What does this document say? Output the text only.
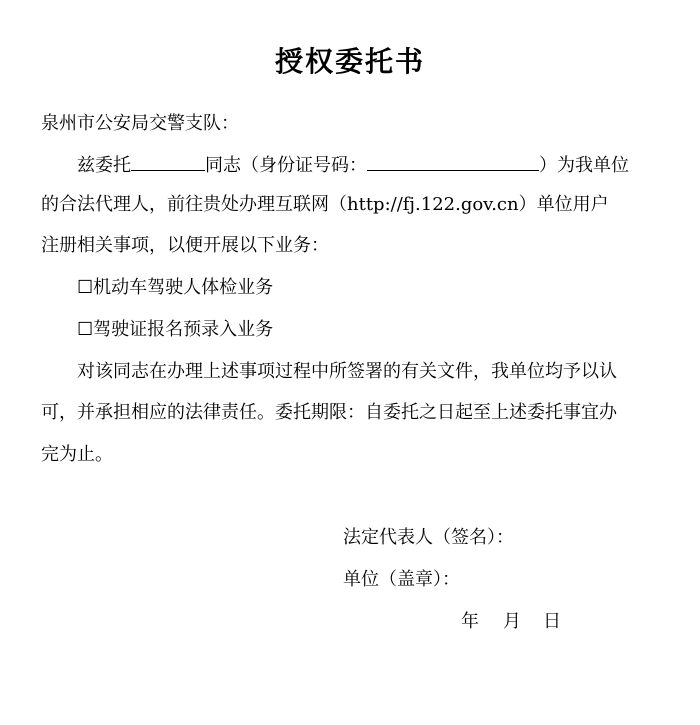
授权委托书
泉州市公安局交警支队：
兹委托	同志（身份证号码：	）为我单位
的合法代理人，前往贵处办理互联网（http://fj.122.gov.cn）单位用户
注册相关事项，以便开展以下业务：
☐机动车驾驶人体检业务
☐驾驶证报名预录入业务
对该同志在办理上述事项过程中所签署的有关文件，我单位均予以认
可，并承担相应的法律责任。委托期限：自委托之日起至上述委托事宜办
完为止。
法定代表人（签名）：
单位（盖章）：
年 月 日
